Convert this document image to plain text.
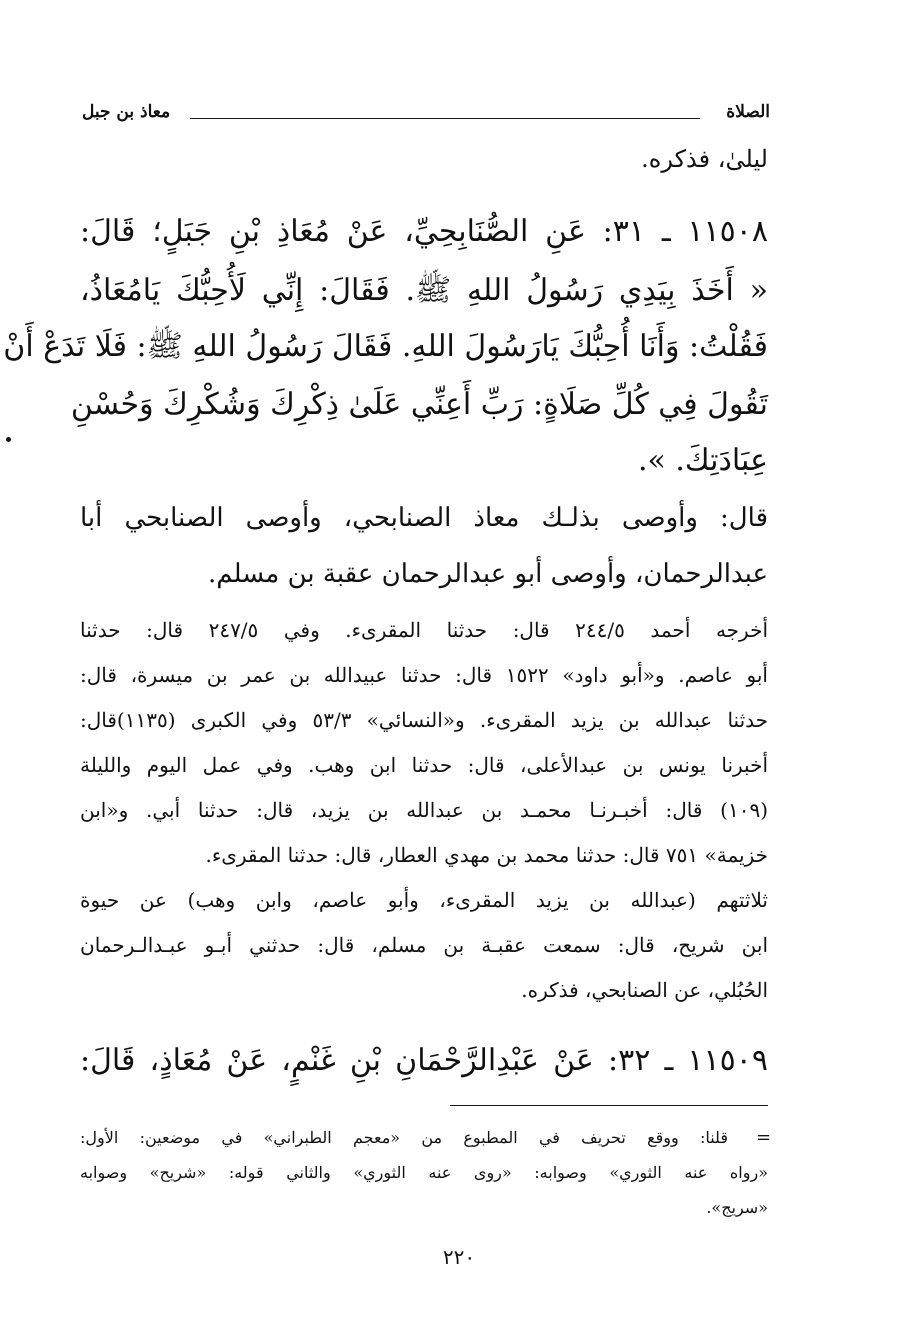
الصلاة
معاذ بن جبل
ليلىٰ، فذكره.
١١٥٠٨ ـ ٣١: عَنِ الصُّنَابِحِيِّ، عَنْ مُعَاذِ بْنِ جَبَلٍ؛ قَالَ:
« أَخَذَ بِيَدِي رَسُولُ اللهِ ﷺ. فَقَالَ: إِنِّي لَأُحِبُّكَ يَامُعَاذُ،
فَقُلْتُ: وَأَنَا أُحِبُّكَ يَارَسُولَ اللهِ. فَقَالَ رَسُولُ اللهِ ﷺ: فَلَا تَدَعْ أَنْ
تَقُولَ فِي كُلِّ صَلَاةٍ: رَبِّ أَعِنِّي عَلَىٰ ذِكْرِكَ وَشُكْرِكَ وَحُسْنِ
عِبَادَتِكَ. ».
قال: وأوصى بذلـك معاذ الصنابحي، وأوصى الصنابحي أبا
عبدالرحمان، وأوصى أبو عبدالرحمان عقبة بن مسلم.
أخرجه أحمد ٢٤٤/٥ قال: حدثنا المقرىء. وفي ٢٤٧/٥ قال: حدثنا
أبو عاصم. و«أبو داود» ١٥٢٢ قال: حدثنا عبيدالله بن عمر بن ميسرة، قال:
حدثنا عبدالله بن يزيد المقرىء. و«النسائي» ٥٣/٣ وفي الكبرى (١١٣٥)قال:
أخبرنا يونس بن عبدالأعلى، قال: حدثنا ابن وهب. وفي عمل اليوم والليلة
(١٠٩) قال: أخبـرنـا محمـد بن عبدالله بن يزيد، قال: حدثنا أبي. و«ابن
خزيمة» ٧٥١ قال: حدثنا محمد بن مهدي العطار، قال: حدثنا المقرىء.
ثلاثتهم (عبدالله بن يزيد المقرىء، وأبو عاصم، وابن وهب) عن حيوة
ابن شريح، قال: سمعت عقبـة بن مسلم، قال: حدثني أبـو عبـدالـرحمان
الحُبُلي، عن الصنابحي، فذكره.
١١٥٠٩ ـ ٣٢: عَنْ عَبْدِالرَّحْمَانِ بْنِ غَنْمٍ، عَنْ مُعَاذٍ، قَالَ:
=
قلنا: ووقع تحريف في المطبوع من «معجم الطبراني» في موضعين: الأول:
«رواه عنه الثوري» وصوابه: «روى عنه الثوري» والثاني قوله: «شريح» وصوابه
«سريج».
٢٢٠
